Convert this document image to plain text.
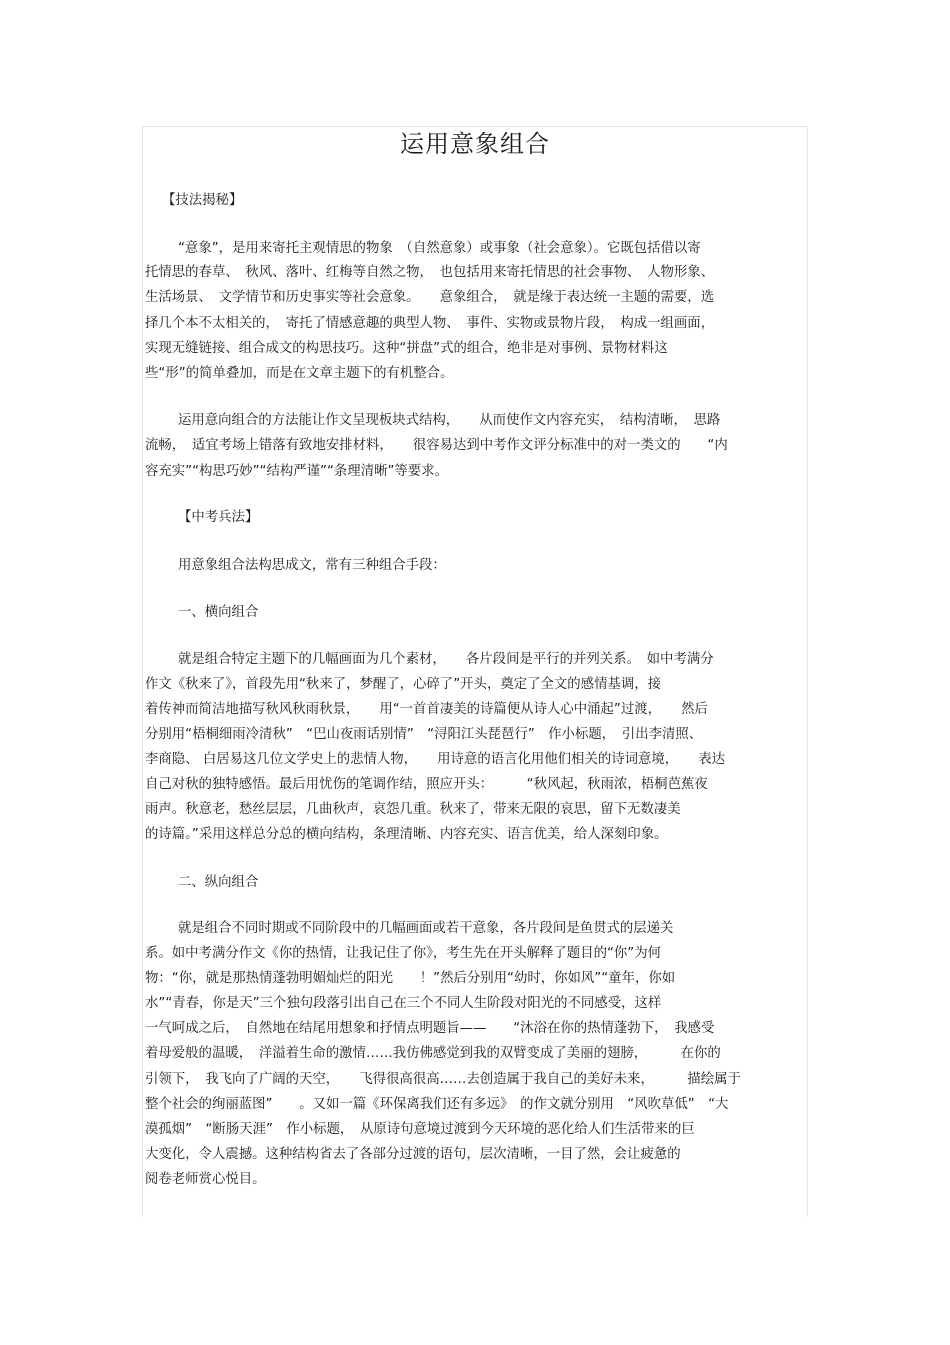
运用意象组合
【技法揭秘】
“意象”，是用来寄托主观情思的物象　（自然意象）或事象（社会意象）。它既包括借以寄
托情思的春草、　秋风、落叶、红梅等自然之物，　也包括用来寄托情思的社会事物、　人物形象、
生活场景、　文学情节和历史事实等社会意象。　　意象组合，　就是缘于表达统一主题的需要，选
择几个本不太相关的，　寄托了情感意趣的典型人物、　事件、实物或景物片段，　构成一组画面，
实现无缝链接、组合成文的构思技巧。这种“拼盘”式的组合，绝非是对事例、景物材料这
些“形”的简单叠加，而是在文章主题下的有机整合。
运用意向组合的方法能让作文呈现板块式结构，　　从而使作文内容充实，　结构清晰，　思路
流畅，　适宜考场上错落有致地安排材料，　　很容易达到中考作文评分标准中的对一类文的　　“内
容充实”“构思巧妙”“结构严谨”“条理清晰”等要求。
【中考兵法】
用意象组合法构思成文，常有三种组合手段：
一、横向组合
就是组合特定主题下的几幅画面为几个素材，　　各片段间是平行的并列关系。　如中考满分
作文《秋来了》，首段先用“秋来了，梦醒了，心碎了”开头，奠定了全文的感情基调，接
着传神而简洁地描写秋风秋雨秋景，　　用“一首首凄美的诗篇便从诗人心中涌起”过渡，　　然后
分别用“梧桐细雨冷清秋”　“巴山夜雨话别情”　“浔阳江头琵琶行”　作小标题，　引出李清照、
李商隐、 白居易这几位文学史上的悲情人物，　　用诗意的语言化用他们相关的诗词意境，　　表达
自己对秋的独特感悟。最后用忧伤的笔调作结，照应开头：　　　“秋风起，秋雨浓，梧桐芭蕉夜
雨声。秋意老，愁丝层层，几曲秋声，哀怨几重。秋来了，带来无限的哀思，留下无数凄美
的诗篇。”采用这样总分总的横向结构，条理清晰、内容充实、语言优美，给人深刻印象。
二、纵向组合
就是组合不同时期或不同阶段中的几幅画面或若干意象，各片段间是鱼贯式的层递关
系。如中考满分作文《你的热情，让我记住了你》，考生先在开头解释了题目的“你”为何
物：“你，就是那热情蓬勃明媚灿烂的阳光　　！”然后分别用“幼时，你如风”“童年，你如
水”“青春，你是天”三个独句段落引出自己在三个不同人生阶段对阳光的不同感受，这样
一气呵成之后，　自然地在结尾用想象和抒情点明题旨——　　“沐浴在你的热情蓬勃下，　我感受
着母爱般的温暖，　洋溢着生命的激情……我仿佛感觉到我的双臂变成了美丽的翅膀，　　　在你的
引领下，　我飞向了广阔的天空，　　飞得很高很高……去创造属于我自己的美好未来，　　　描绘属于
整个社会的绚丽蓝图”　　。又如一篇《环保离我们还有多远》　的作文就分别用　“风吹草低”　“大
漠孤烟”　“断肠天涯”　作小标题，　从原诗句意境过渡到今天环境的恶化给人们生活带来的巨
大变化，令人震撼。这种结构省去了各部分过渡的语句，层次清晰，一目了然，会让疲惫的
阅卷老师赏心悦目。
